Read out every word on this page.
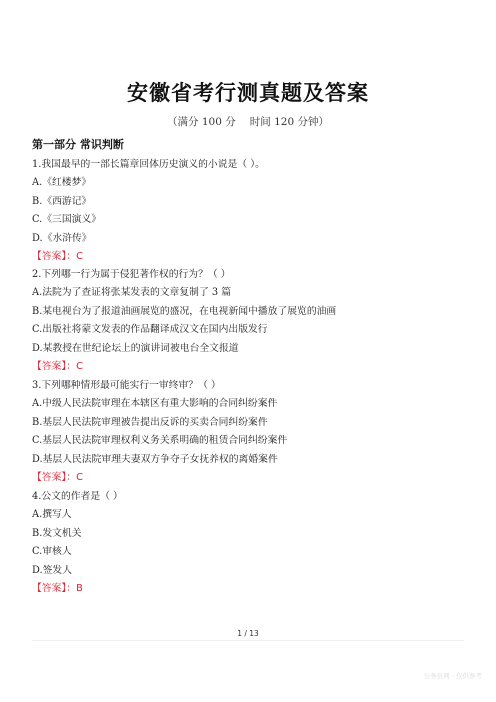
安徽省考行测真题及答案
（满分 100 分 时间 120 分钟）
第一部分 常识判断
1.我国最早的一部长篇章回体历史演义的小说是（ ）。
A.《红楼梦》
B.《西游记》
C.《三国演义》
D.《水浒传》
【答案】：C
2.下列哪一行为属于侵犯著作权的行为？（ ）
A.法院为了查证将张某发表的文章复制了 3 篇
B.某电视台为了报道油画展览的盛况，在电视新闻中播放了展览的油画
C.出版社将蒙文发表的作品翻译成汉文在国内出版发行
D.某教授在世纪论坛上的演讲词被电台全文报道
【答案】：C
3.下列哪种情形最可能实行一审终审？（ ）
A.中级人民法院审理在本辖区有重大影响的合同纠纷案件
B.基层人民法院审理被告提出反诉的买卖合同纠纷案件
C.基层人民法院审理权利义务关系明确的租赁合同纠纷案件
D.基层人民法院审理夫妻双方争夺子女抚养权的离婚案件
【答案】：C
4.公文的作者是（ ）
A.撰写人
B.发文机关
C.审核人
D.签发人
【答案】：B
1 / 13
公务员网 · 仅供参考
